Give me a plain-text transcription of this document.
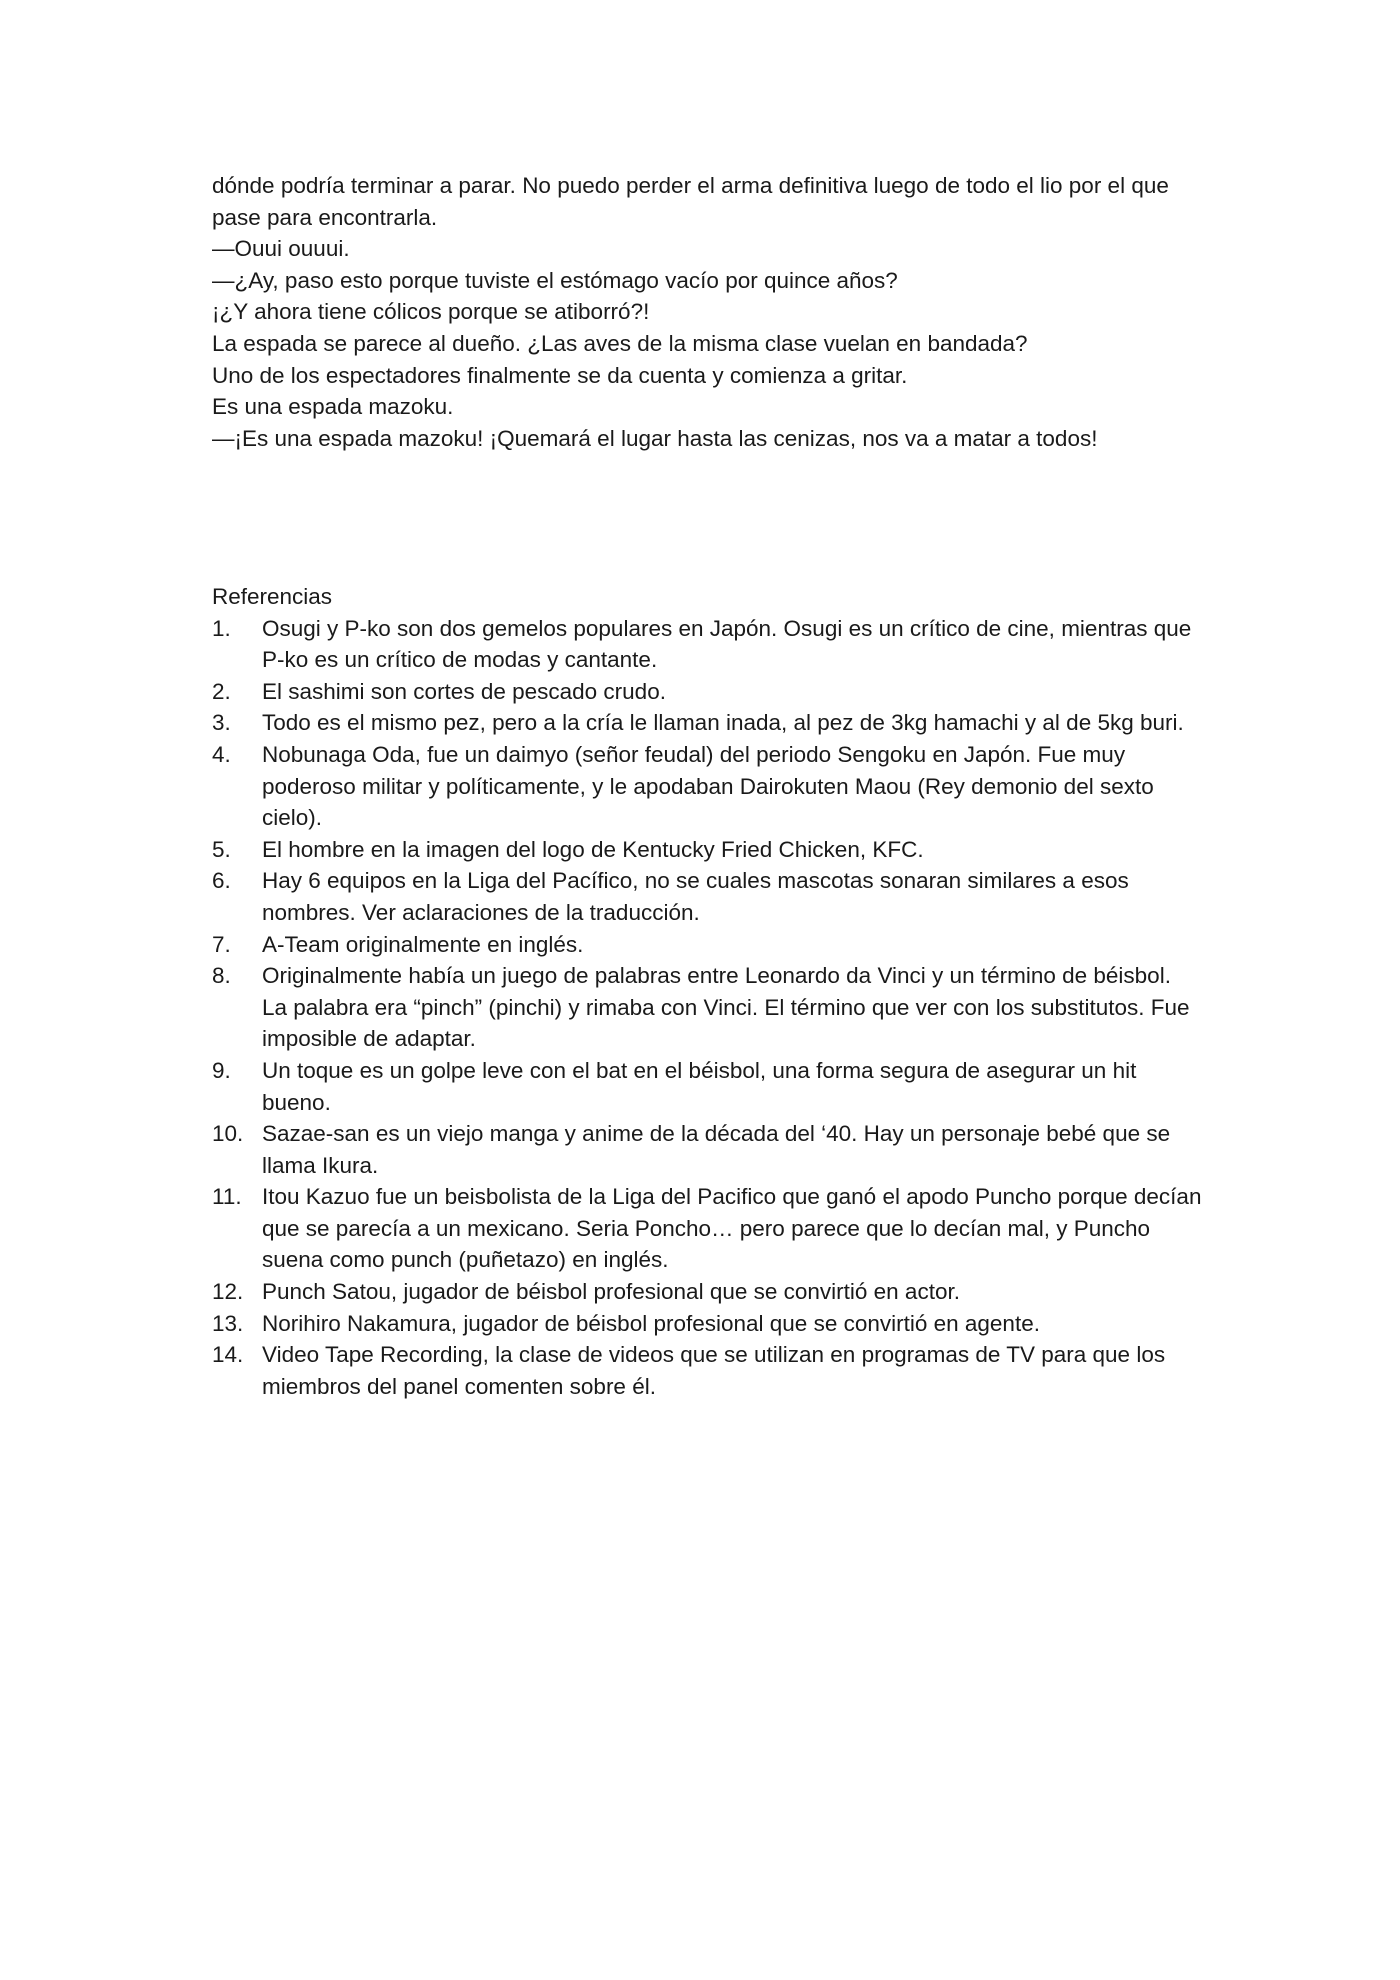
dónde podría terminar a parar. No puedo perder el arma definitiva luego de todo el lio por el que pase para encontrarla.

—Ouui ouuui.

—¿Ay, paso esto porque tuviste el estómago vacío por quince años?

¡¿Y ahora tiene cólicos porque se atiborró?!

La espada se parece al dueño. ¿Las aves de la misma clase vuelan en bandada?

Uno de los espectadores finalmente se da cuenta y comienza a gritar.

Es una espada mazoku.

—¡Es una espada mazoku! ¡Quemará el lugar hasta las cenizas, nos va a matar a todos!

Referencias

1.	Osugi y P-ko son dos gemelos populares en Japón. Osugi es un crítico de cine, mientras que P-ko es un crítico de modas y cantante.
2.	El sashimi son cortes de pescado crudo.
3.	Todo es el mismo pez, pero a la cría le llaman inada, al pez de 3kg hamachi y al de 5kg buri.
4.	Nobunaga Oda, fue un daimyo (señor feudal) del periodo Sengoku en Japón. Fue muy poderoso militar y políticamente, y le apodaban Dairokuten Maou (Rey demonio del sexto cielo).
5.	El hombre en la imagen del logo de Kentucky Fried Chicken, KFC.
6.	Hay 6 equipos en la Liga del Pacífico, no se cuales mascotas sonaran similares a esos nombres. Ver aclaraciones de la traducción.
7.	A-Team originalmente en inglés.
8.	Originalmente había un juego de palabras entre Leonardo da Vinci y un término de béisbol. La palabra era “pinch” (pinchi) y rimaba con Vinci. El término que ver con los substitutos. Fue imposible de adaptar.
9.	Un toque es un golpe leve con el bat en el béisbol, una forma segura de asegurar un hit bueno.
10. Sazae-san es un viejo manga y anime de la década del ‘40. Hay un personaje bebé que se llama Ikura.
11. Itou Kazuo fue un beisbolista de la Liga del Pacifico que ganó el apodo Puncho porque decían que se parecía a un mexicano. Seria Poncho… pero parece que lo decían mal, y Puncho suena como punch (puñetazo) en inglés.
12. Punch Satou, jugador de béisbol profesional que se convirtió en actor.
13. Norihiro Nakamura, jugador de béisbol profesional que se convirtió en agente.
14. Video Tape Recording, la clase de videos que se utilizan en programas de TV para que los miembros del panel comenten sobre él.
